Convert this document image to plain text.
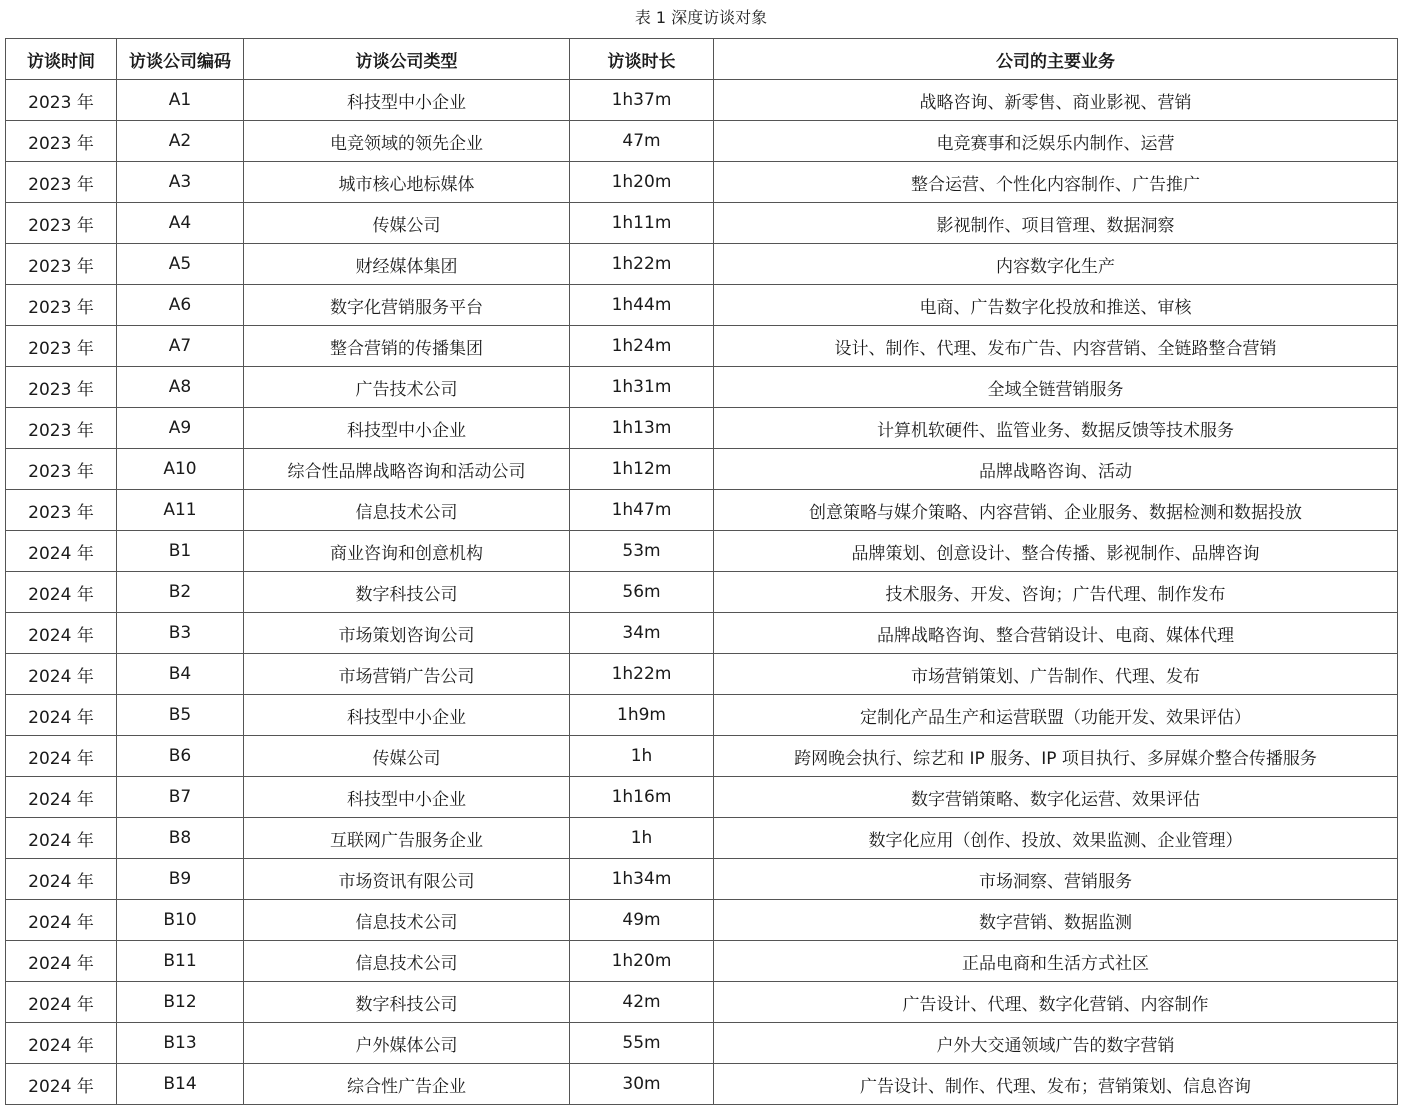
表 1 深度访谈对象
访谈时间	访谈公司编码	访谈公司类型	访谈时长	公司的主要业务
2023 年	A1	科技型中小企业	1h37m	战略咨询、新零售、商业影视、营销
2023 年	A2	电竞领域的领先企业	47m	电竞赛事和泛娱乐内制作、运营
2023 年	A3	城市核心地标媒体	1h20m	整合运营、个性化内容制作、广告推广
2023 年	A4	传媒公司	1h11m	影视制作、项目管理、数据洞察
2023 年	A5	财经媒体集团	1h22m	内容数字化生产
2023 年	A6	数字化营销服务平台	1h44m	电商、广告数字化投放和推送、审核
2023 年	A7	整合营销的传播集团	1h24m	设计、制作、代理、发布广告、内容营销、全链路整合营销
2023 年	A8	广告技术公司	1h31m	全域全链营销服务
2023 年	A9	科技型中小企业	1h13m	计算机软硬件、监管业务、数据反馈等技术服务
2023 年	A10	综合性品牌战略咨询和活动公司	1h12m	品牌战略咨询、活动
2023 年	A11	信息技术公司	1h47m	创意策略与媒介策略、内容营销、企业服务、数据检测和数据投放
2024 年	B1	商业咨询和创意机构	53m	品牌策划、创意设计、整合传播、影视制作、品牌咨询
2024 年	B2	数字科技公司	56m	技术服务、开发、咨询；广告代理、制作发布
2024 年	B3	市场策划咨询公司	34m	品牌战略咨询、整合营销设计、电商、媒体代理
2024 年	B4	市场营销广告公司	1h22m	市场营销策划、广告制作、代理、发布
2024 年	B5	科技型中小企业	1h9m	定制化产品生产和运营联盟（功能开发、效果评估）
2024 年	B6	传媒公司	1h	跨网晚会执行、综艺和 IP 服务、IP 项目执行、多屏媒介整合传播服务
2024 年	B7	科技型中小企业	1h16m	数字营销策略、数字化运营、效果评估
2024 年	B8	互联网广告服务企业	1h	数字化应用（创作、投放、效果监测、企业管理）
2024 年	B9	市场资讯有限公司	1h34m	市场洞察、营销服务
2024 年	B10	信息技术公司	49m	数字营销、数据监测
2024 年	B11	信息技术公司	1h20m	正品电商和生活方式社区
2024 年	B12	数字科技公司	42m	广告设计、代理、数字化营销、内容制作
2024 年	B13	户外媒体公司	55m	户外大交通领域广告的数字营销
2024 年	B14	综合性广告企业	30m	广告设计、制作、代理、发布；营销策划、信息咨询
